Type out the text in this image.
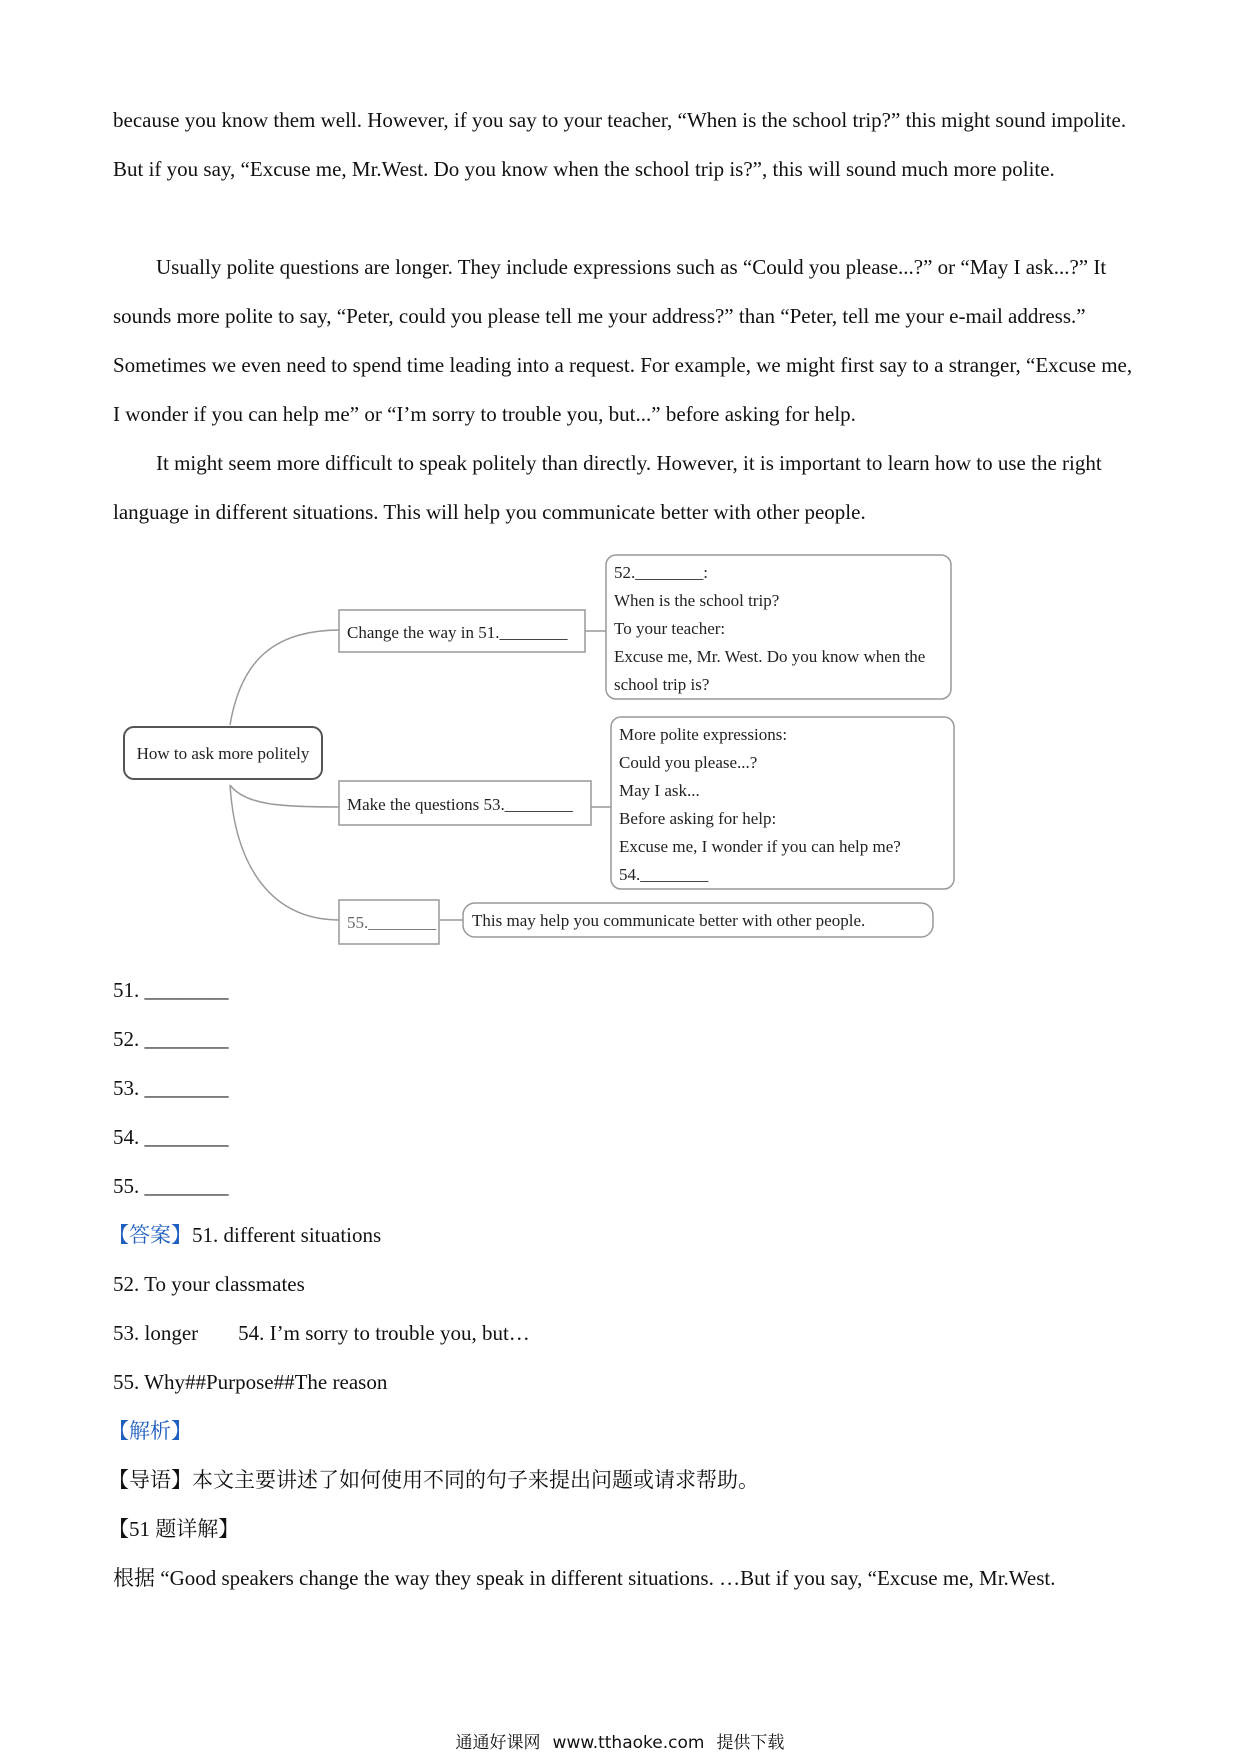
because you know them well. However, if you say to your teacher, “When is the school trip?” this might sound impolite. But if you say, “Excuse me, Mr.West. Do you know when the school trip is?”, this will sound much more polite.

Usually polite questions are longer. They include expressions such as “Could you please...?” or “May I ask...?” It sounds more polite to say, “Peter, could you please tell me your address?” than “Peter, tell me your e-mail address.” Sometimes we even need to spend time leading into a request. For example, we might first say to a stranger, “Excuse me, I wonder if you can help me” or “I’m sorry to trouble you, but...” before asking for help.

It might seem more difficult to speak politely than directly. However, it is important to learn how to use the right language in different situations. This will help you communicate better with other people.

How to ask more politely
Change the way in 51.________
Make the questions 53.________
55.________
52.________:
When is the school trip?
To your teacher:
Excuse me, Mr. West. Do you know when the
school trip is?
More polite expressions:
Could you please...?
May I ask...
Before asking for help:
Excuse me, I wonder if you can help me?
54.________
This may help you communicate better with other people.
51. ________
52. ________
53. ________
54. ________
55. ________
【答案】51. different situations
52. To your classmates
53. longer 54. I’m sorry to trouble you, but…
55. Why##Purpose##The reason
【解析】
【导语】本文主要讲述了如何使用不同的句子来提出问题或请求帮助。
【51 题详解】
根据 “Good speakers change the way they speak in different situations. …But if you say, “Excuse me, Mr.West.
通通好课网 www.tthaoke.com 提供下载
